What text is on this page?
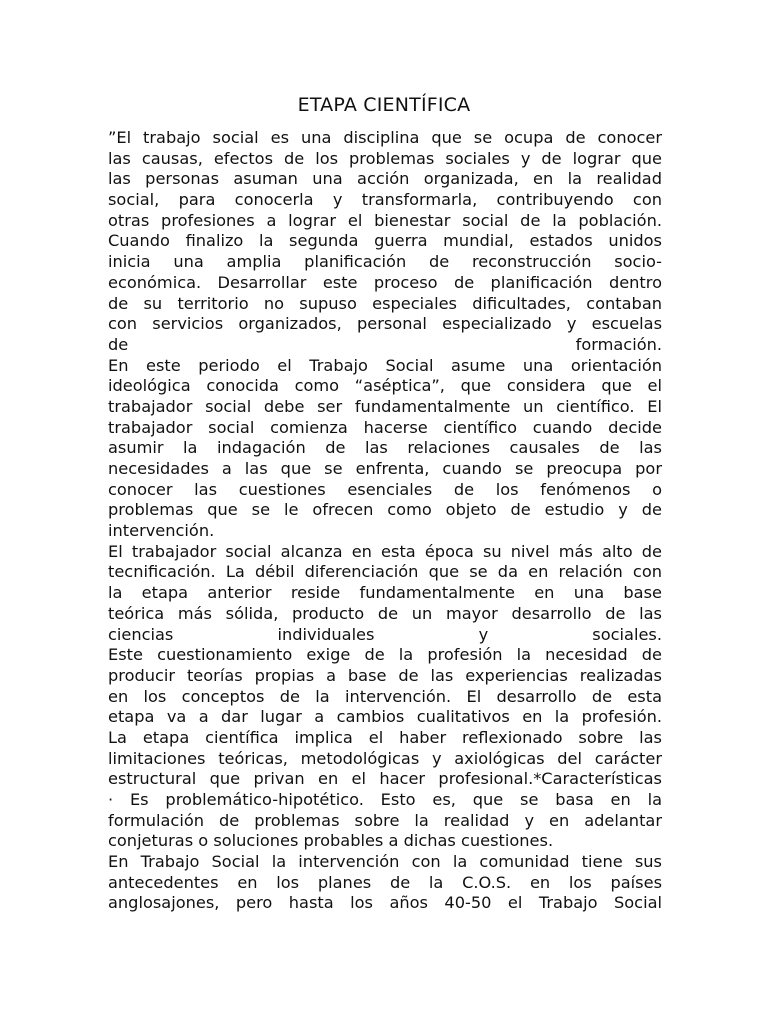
ETAPA CIENTÍFICA
”El trabajo social es una disciplina que se ocupa de conocer
las causas, efectos de los problemas sociales y de lograr que
las personas asuman una acción organizada, en la realidad
social, para conocerla y transformarla, contribuyendo con
otras profesiones a lograr el bienestar social de la población.
Cuando finalizo la segunda guerra mundial, estados unidos
inicia una amplia planificación de reconstrucción socio-
económica. Desarrollar este proceso de planificación dentro
de su territorio no supuso especiales dificultades, contaban
con servicios organizados, personal especializado y escuelas
de formación.
En este periodo el Trabajo Social asume una orientación
ideológica conocida como “aséptica”, que considera que el
trabajador social debe ser fundamentalmente un científico. El
trabajador social comienza hacerse científico cuando decide
asumir la indagación de las relaciones causales de las
necesidades a las que se enfrenta, cuando se preocupa por
conocer las cuestiones esenciales de los fenómenos o
problemas que se le ofrecen como objeto de estudio y de
intervención.
El trabajador social alcanza en esta época su nivel más alto de
tecnificación. La débil diferenciación que se da en relación con
la etapa anterior reside fundamentalmente en una base
teórica más sólida, producto de un mayor desarrollo de las
ciencias individuales y sociales.
Este cuestionamiento exige de la profesión la necesidad de
producir teorías propias a base de las experiencias realizadas
en los conceptos de la intervención. El desarrollo de esta
etapa va a dar lugar a cambios cualitativos en la profesión.
La etapa científica implica el haber reflexionado sobre las
limitaciones teóricas, metodológicas y axiológicas del carácter
estructural que privan en el hacer profesional.*Características
· Es problemático-hipotético. Esto es, que se basa en la
formulación de problemas sobre la realidad y en adelantar
conjeturas o soluciones probables a dichas cuestiones.
En Trabajo Social la intervención con la comunidad tiene sus
antecedentes en los planes de la C.O.S. en los países
anglosajones, pero hasta los años 40-50 el Trabajo Social
